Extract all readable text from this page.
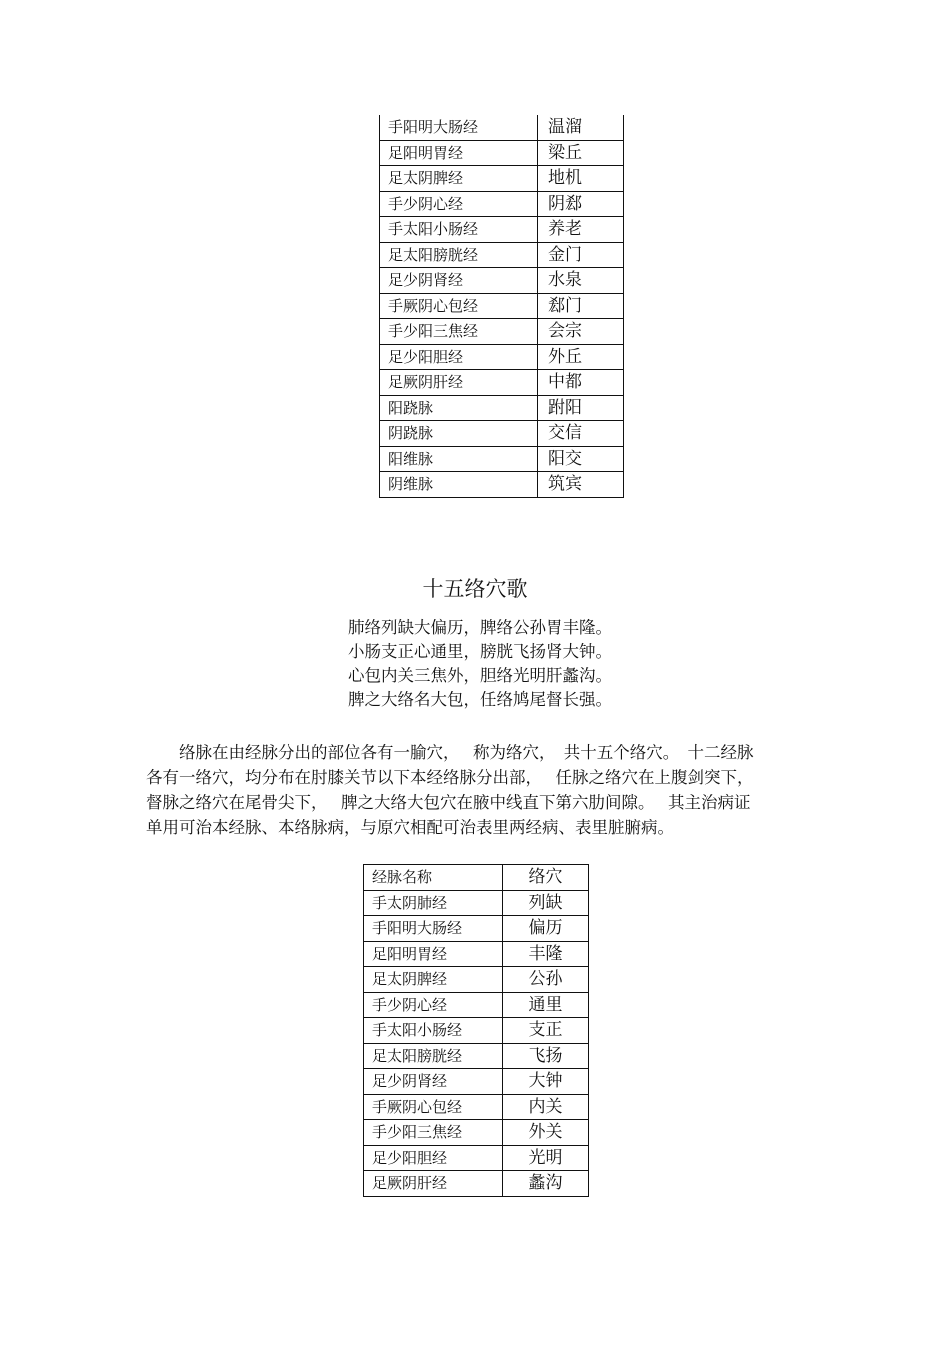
手阳明大肠经	温溜
足阳明胃经	梁丘
足太阴脾经	地机
手少阴心经	阴郄
手太阳小肠经	养老
足太阳膀胱经	金门
足少阴肾经	水泉
手厥阴心包经	郄门
手少阳三焦经	会宗
足少阳胆经	外丘
足厥阴肝经	中都
阳跷脉	跗阳
阴跷脉	交信
阳维脉	阳交
阴维脉	筑宾
十五络穴歌
肺络列缺大偏历，脾络公孙胃丰隆。
小肠支正心通里，膀胱飞扬肾大钟。
心包内关三焦外，胆络光明肝蠡沟。
脾之大络名大包，任络鸠尾督长强。
　　络脉在由经脉分出的部位各有一腧穴，　 称为络穴，　共十五个络穴。　十二经脉
各有一络穴，均分布在肘膝关节以下本经络脉分出部，　 任脉之络穴在上腹剑突下，
督脉之络穴在尾骨尖下，　 脾之大络大包穴在腋中线直下第六肋间隙。　 其主治病证
单用可治本经脉、本络脉病，与原穴相配可治表里两经病、表里脏腑病。
经脉名称	络穴
手太阴肺经	列缺
手阳明大肠经	偏历
足阳明胃经	丰隆
足太阴脾经	公孙
手少阴心经	通里
手太阳小肠经	支正
足太阳膀胱经	飞扬
足少阴肾经	大钟
手厥阴心包经	内关
手少阳三焦经	外关
足少阳胆经	光明
足厥阴肝经	蠡沟
